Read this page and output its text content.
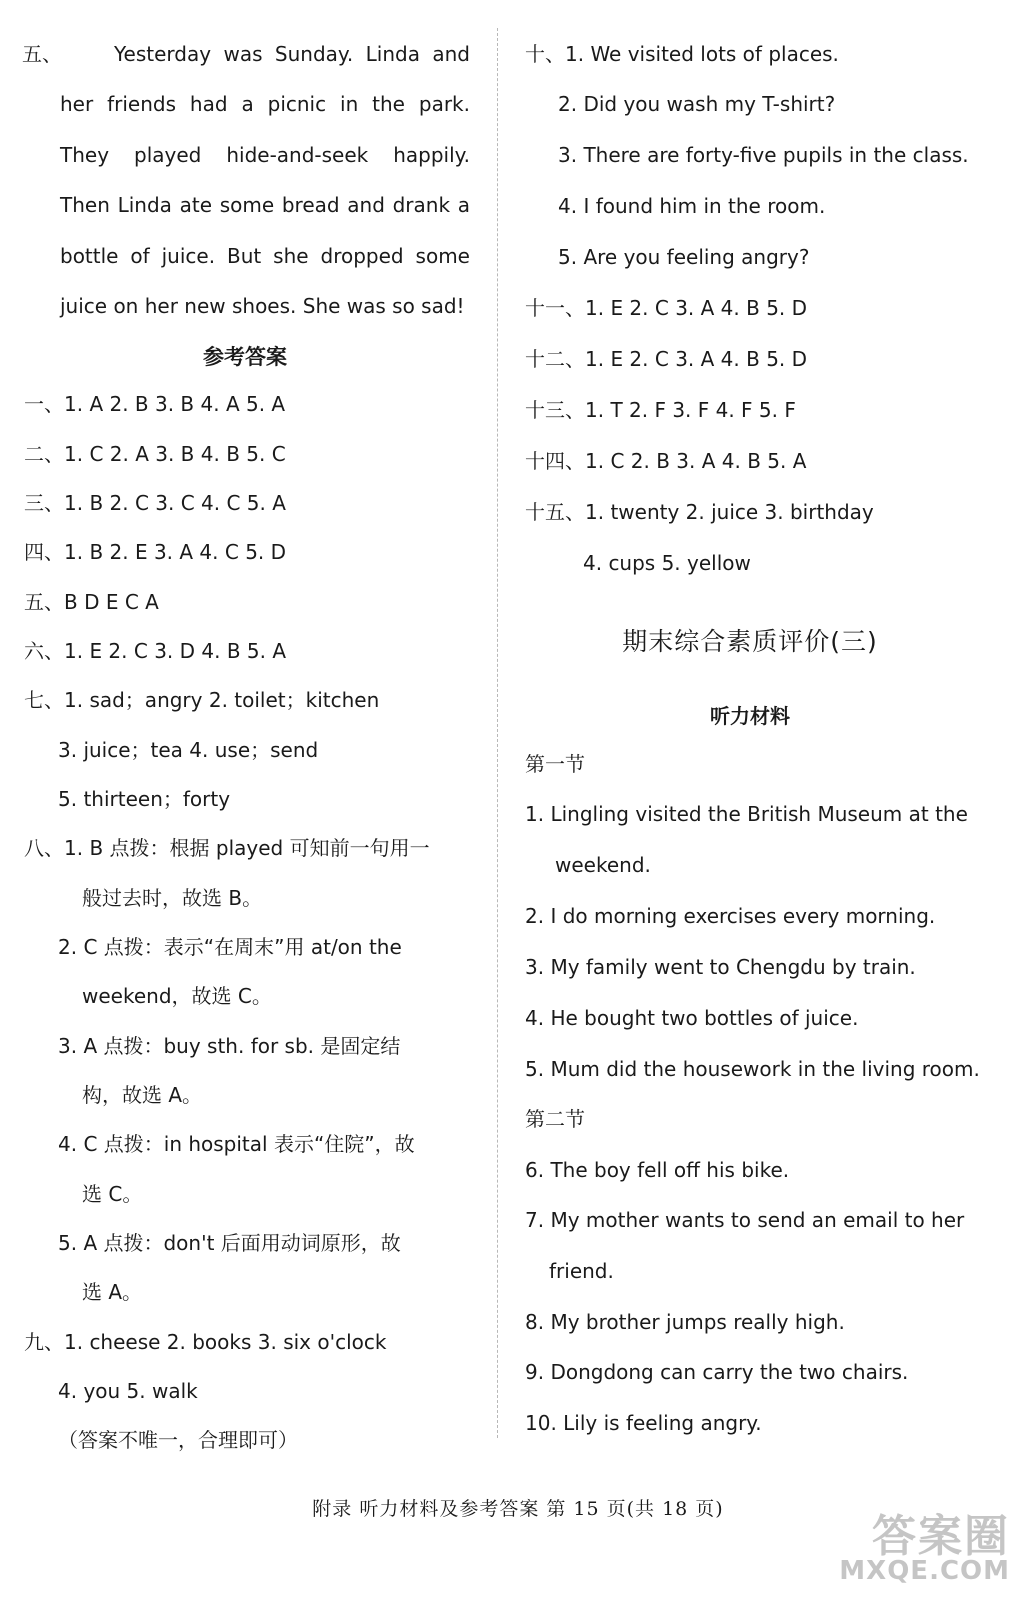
五、	Yesterday was Sunday. Linda and her friends had a picnic in the park. They played hide-and-seek happily. Then Linda ate some bread and drank a bottle of juice. But she dropped some juice on her new shoes. She was so sad!
参考答案
一、1. A 2. B 3. B 4. A 5. A
二、1. C 2. A 3. B 4. B 5. C
三、1. B 2. C 3. C 4. C 5. A
四、1. B 2. E 3. A 4. C 5. D
五、B D E C A
六、1. E 2. C 3. D 4. B 5. A
七、1. sad；angry 2. toilet；kitchen
3. juice；tea 4. use；send
5. thirteen；forty
八、1. B 点拨：根据 played 可知前一句用一
般过去时，故选 B。
2. C 点拨：表示“在周末”用 at/on the
weekend，故选 C。
3. A 点拨：buy sth. for sb. 是固定结
构，故选 A。
4. C 点拨：in hospital 表示“住院”，故
选 C。
5. A 点拨：don't 后面用动词原形，故
选 A。
九、1. cheese 2. books 3. six o'clock
4. you 5. walk
（答案不唯一，合理即可）
十、1. We visited lots of places.
2. Did you wash my T-shirt?
3. There are forty-five pupils in the class.
4. I found him in the room.
5. Are you feeling angry?
十一、1. E 2. C 3. A 4. B 5. D
十二、1. E 2. C 3. A 4. B 5. D
十三、1. T 2. F 3. F 4. F 5. F
十四、1. C 2. B 3. A 4. B 5. A
十五、1. twenty 2. juice 3. birthday
4. cups 5. yellow
期末综合素质评价(三)
听力材料
第一节
1. Lingling visited the British Museum at the
weekend.
2. I do morning exercises every morning.
3. My family went to Chengdu by train.
4. He bought two bottles of juice.
5. Mum did the housework in the living room.
第二节
6. The boy fell off his bike.
7. My mother wants to send an email to her
friend.
8. My brother jumps really high.
9. Dongdong can carry the two chairs.
10. Lily is feeling angry.
附录 听力材料及参考答案 第 15 页(共 18 页)
答案圈
MXQE.COM
